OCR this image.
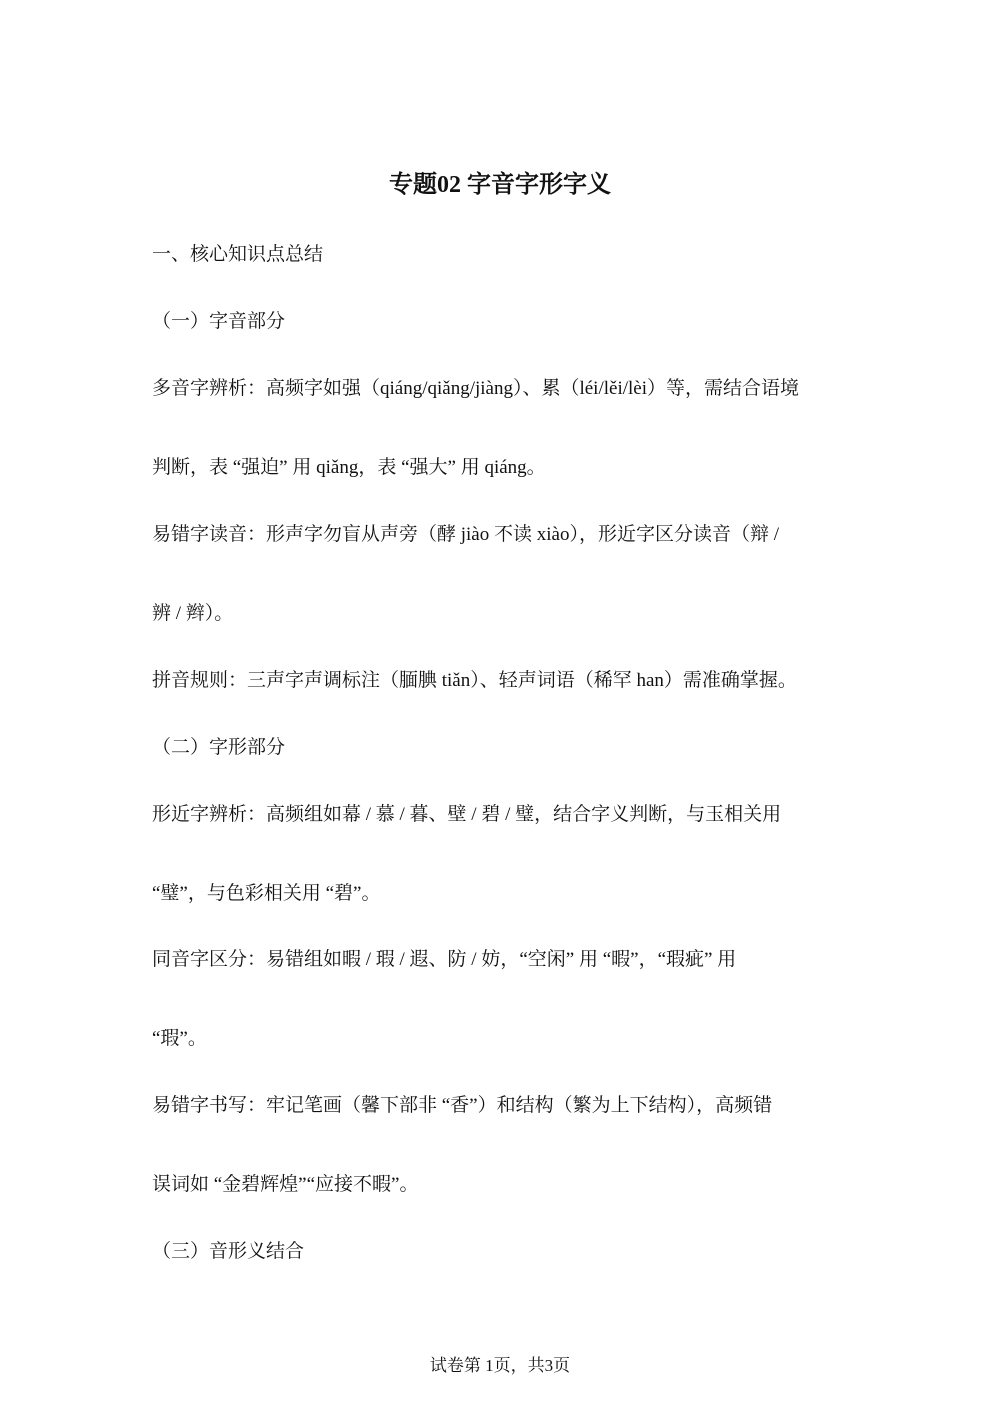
专题02 字音字形字义
一、核心知识点总结
（一）字音部分
多音字辨析：高频字如强（qiáng/qiǎng/jiàng）、累（léi/lěi/lèi）等，需结合语境
判断，表 “强迫” 用 qiǎng，表 “强大” 用 qiáng。
易错字读音：形声字勿盲从声旁（酵 jiào 不读 xiào），形近字区分读音（辩 /
辨 / 辫）。
拼音规则：三声字声调标注（腼腆 tiǎn）、轻声词语（稀罕 han）需准确掌握。
（二）字形部分
形近字辨析：高频组如幕 / 慕 / 暮、壁 / 碧 / 璧，结合字义判断，与玉相关用
“璧”，与色彩相关用 “碧”。
同音字区分：易错组如暇 / 瑕 / 遐、防 / 妨，“空闲” 用 “暇”，“瑕疵” 用
“瑕”。
易错字书写：牢记笔画（馨下部非 “香”）和结构（繁为上下结构），高频错
误词如 “金碧辉煌”“应接不暇”。
（三）音形义结合
试卷第 1页，共3页
